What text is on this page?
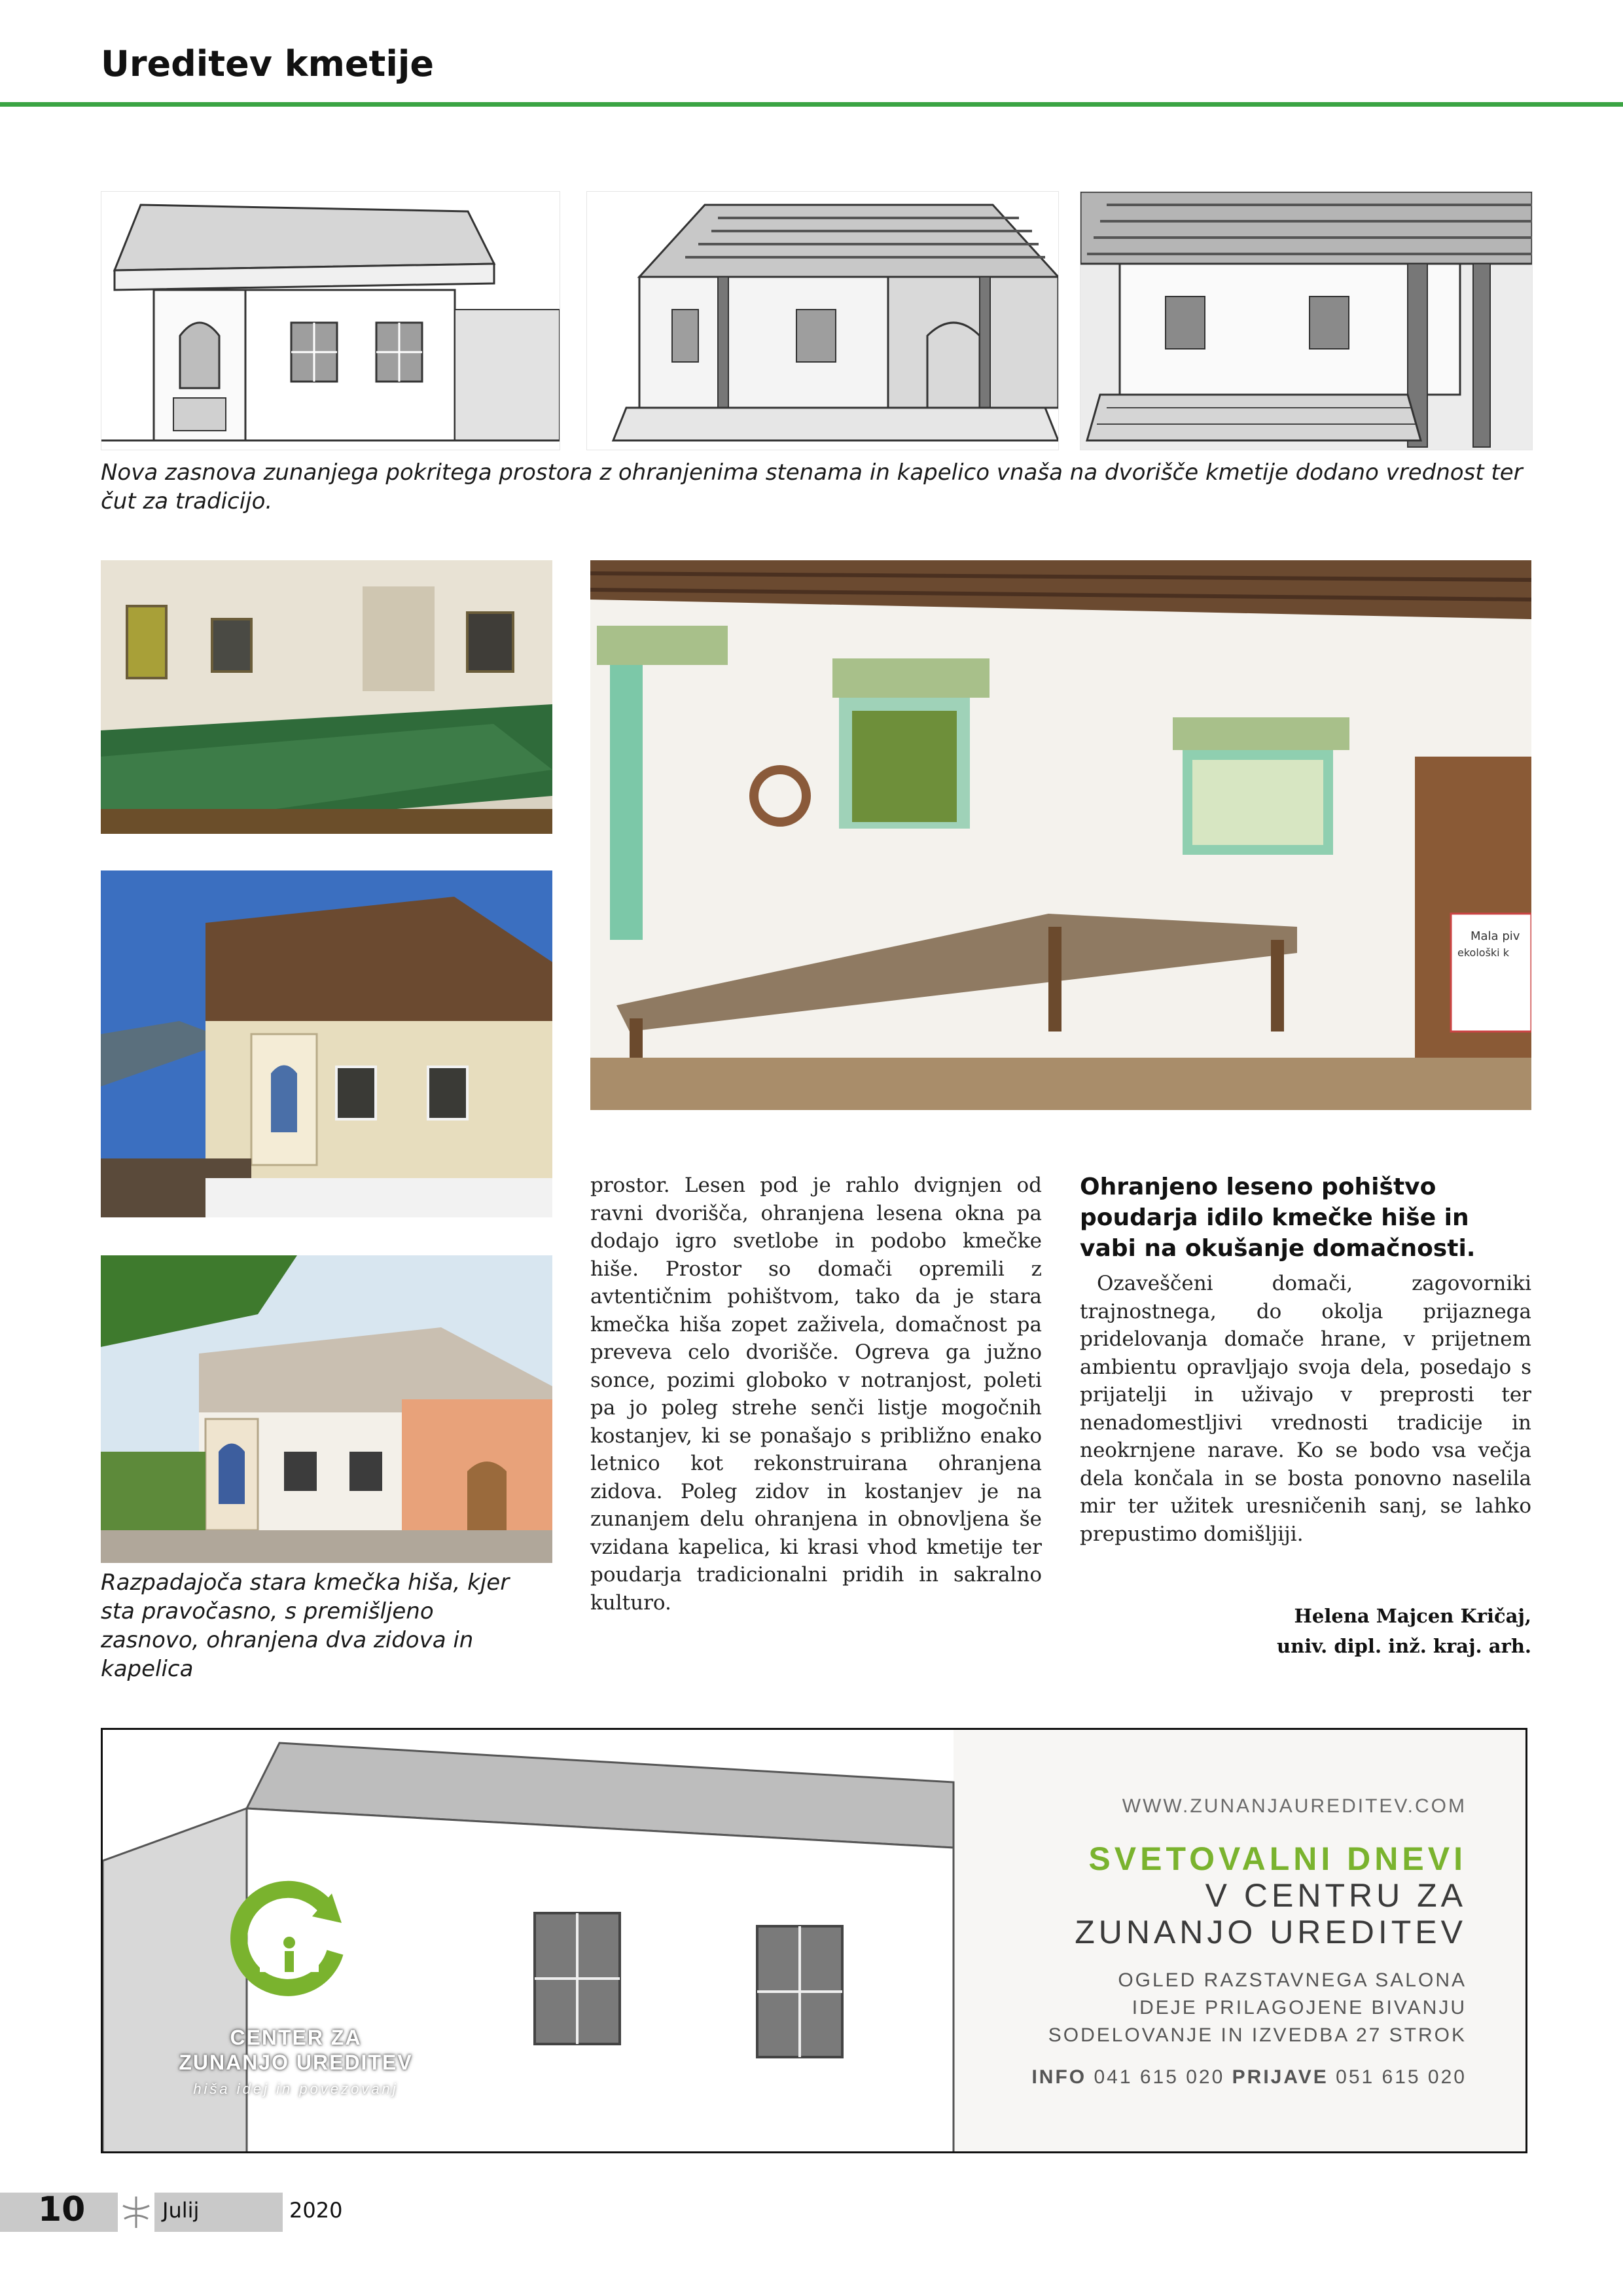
Ureditev kmetije
Nova zasnova zunanjega pokritega prostora z ohranjenima stenama in kapelico vnaša na dvorišče kmetije dodano vrednost ter čut za tradicijo.
Razpadajoča stara kmečka hiša, kjer sta pravočasno, s premišljeno zasnovo, ohranjena dva zidova in kapelica
Mala piv
ekološki k
prostor. Lesen pod je rahlo dvignjen od ravni dvorišča, ohranjena lesena okna pa dodajo igro svetlobe in podobo kmečke hiše. Prostor so domači opremili z avtentičnim pohištvom, tako da je stara kmečka hiša zopet zaživela, domačnost pa preveva celo dvorišče. Ogreva ga južno sonce, pozimi globoko v notranjost, poleti pa jo poleg strehe senči listje mogočnih kostanjev, ki se ponašajo s približno enako letnico kot rekonstruirana ohranjena zidova. Poleg zidov in kostanjev je na zunanjem delu ohranjena in obnovljena še vzidana kapelica, ki krasi vhod kmetije ter poudarja tradicionalni pridih in sakralno kulturo.
Ohranjeno leseno pohištvo poudarja idilo kmečke hiše in vabi na okušanje domačnosti.
Ozaveščeni domači, zagovorniki trajnostnega, do okolja prijaznega pridelovanja domače hrane, v prijetnem ambientu opravljajo svoja dela, posedajo s prijatelji in uživajo v preprosti ter nenadomestljivi vrednosti tradicije in neokrnjene narave. Ko se bodo vsa večja dela končala in se bosta ponovno naselila mir ter užitek uresničenih sanj, se lahko prepustimo domišljiji.
Helena Majcen Kričaj,
univ. dipl. inž. kraj. arh.
CENTER ZA
ZUNANJO UREDITEV
hiša idej in povezovanj
WWW.ZUNANJAUREDITEV.COM
SVETOVALNI DNEVI
V CENTRU ZA
ZUNANJO UREDITEV
OGLED RAZSTAVNEGA SALONA
IDEJE PRILAGOJENE BIVANJU
SODELOVANJE IN IZVEDBA 27 STROK
INFO 041 615 020 PRIJAVE 051 615 020
10	Julij	2020
